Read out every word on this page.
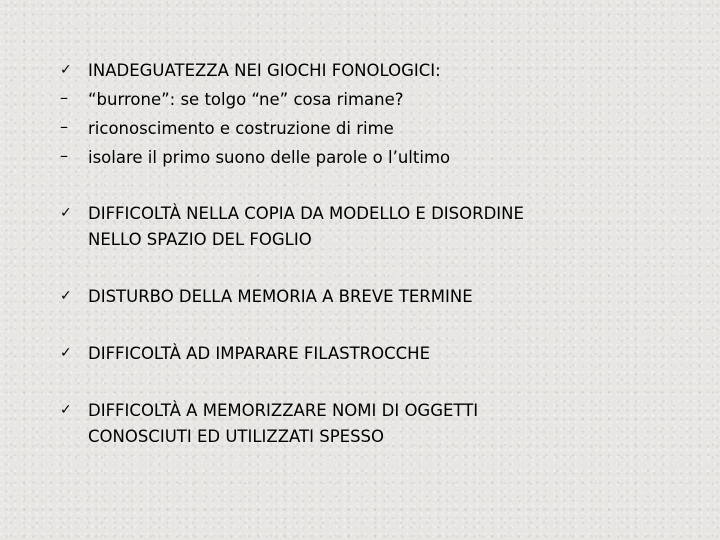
✓ INADEGUATEZZA NEI GIOCHI FONOLOGICI:
–	“burrone”: se tolgo “ne” cosa rimane?
–	riconoscimento e costruzione di rime
–	isolare il primo suono delle parole o l’ultimo
✓ DIFFICOLTÀ NELLA COPIA DA MODELLO E DISORDINE
NELLO SPAZIO DEL FOGLIO
✓ DISTURBO DELLA MEMORIA A BREVE TERMINE
✓ DIFFICOLTÀ AD IMPARARE FILASTROCCHE
✓ DIFFICOLTÀ A MEMORIZZARE NOMI DI OGGETTI
CONOSCIUTI ED UTILIZZATI SPESSO
